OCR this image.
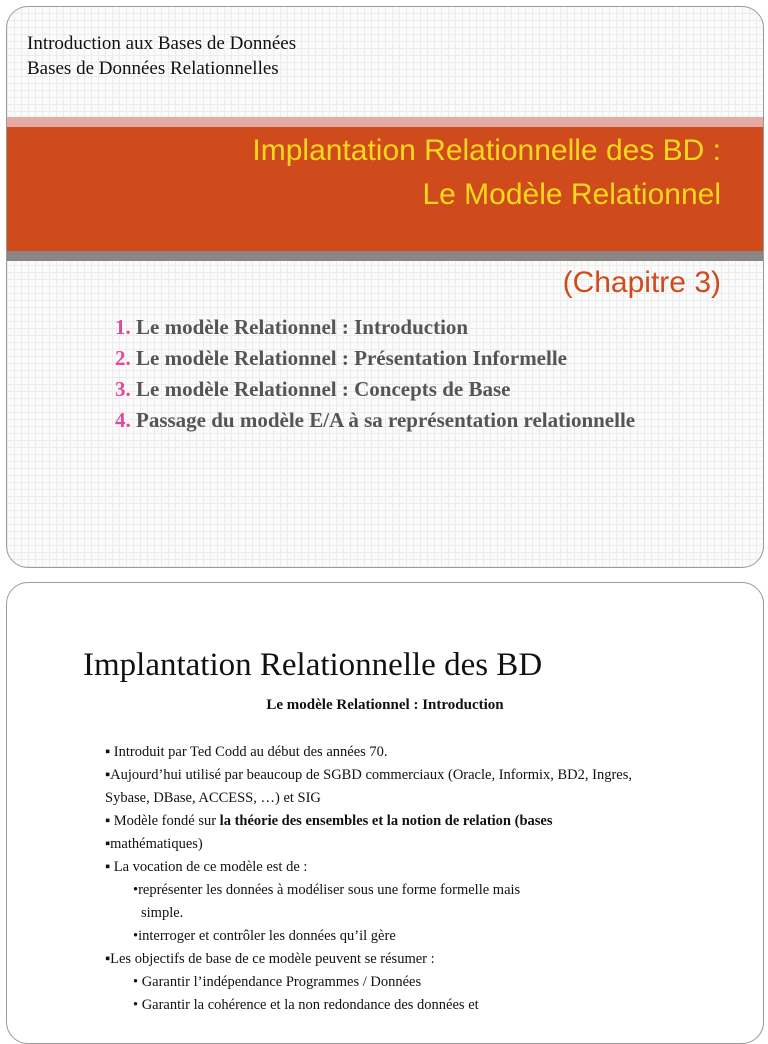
Introduction aux Bases de Données
Bases de Données Relationnelles
Implantation Relationnelle des BD :
Le Modèle Relationnel
(Chapitre 3)
1. Le modèle Relationnel : Introduction
2. Le modèle Relationnel : Présentation Informelle
3. Le modèle Relationnel : Concepts de Base
4. Passage du modèle E/A à sa représentation relationnelle
Implantation Relationnelle des BD
Le modèle Relationnel : Introduction
▪ Introduit par Ted Codd au début des années 70.
▪Aujourd’hui utilisé par beaucoup de SGBD commerciaux (Oracle, Informix, BD2, Ingres,
Sybase, DBase, ACCESS, …) et SIG
▪ Modèle fondé sur la théorie des ensembles et la notion de relation (bases
▪mathématiques)
▪ La vocation de ce modèle est de :
•représenter les données à modéliser sous une forme formelle mais
simple.
•interroger et contrôler les données qu’il gère
▪Les objectifs de base de ce modèle peuvent se résumer :
• Garantir l’indépendance Programmes / Données
• Garantir la cohérence et la non redondance des données et
